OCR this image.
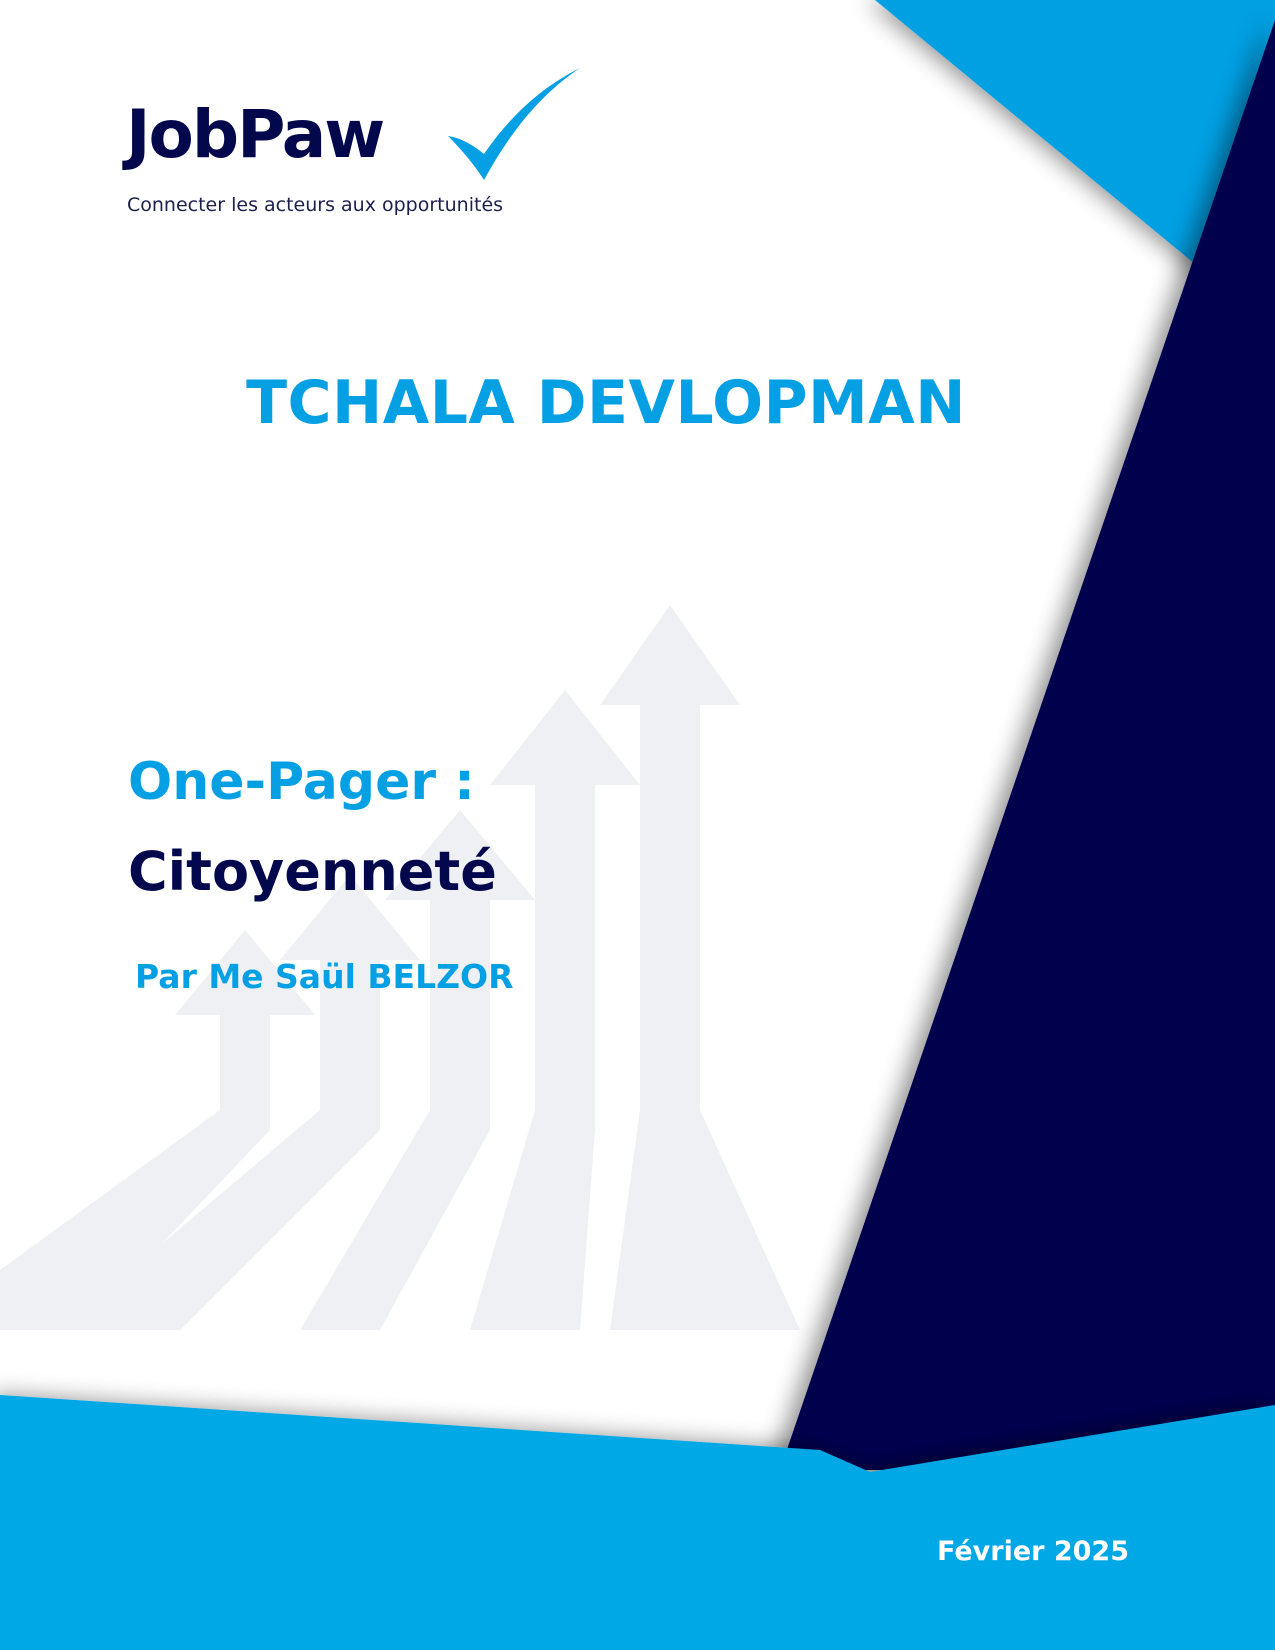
JobPaw
Connecter les acteurs aux opportunités
TCHALA DEVLOPMAN
One-Pager :
Citoyenneté
Par Me Saül BELZOR
Février 2025
